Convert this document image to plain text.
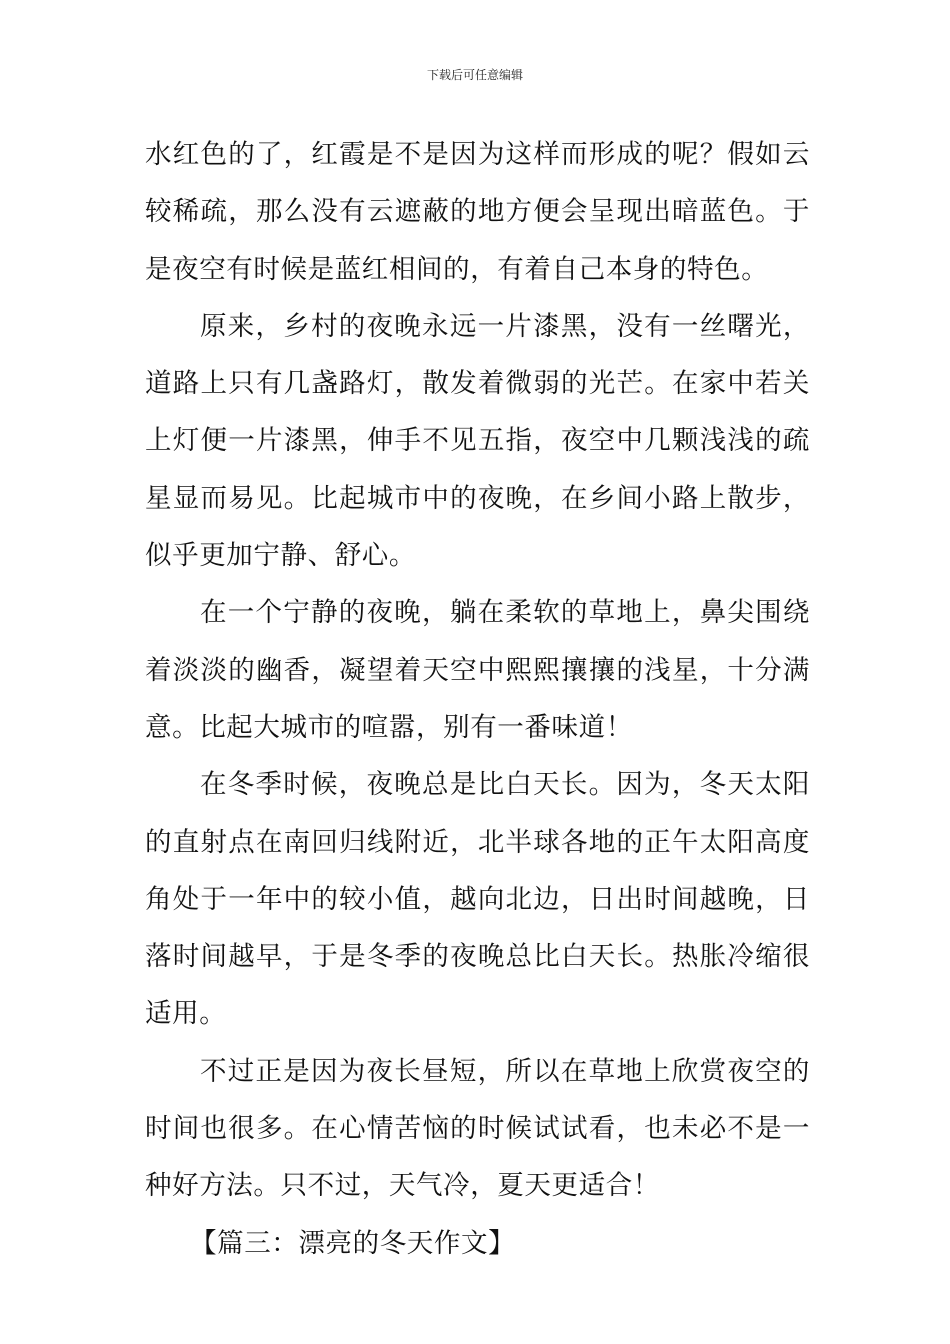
下载后可任意编辑

水红色的了，红霞是不是因为这样而形成的呢？假如云较稀疏，那么没有云遮蔽的地方便会呈现出暗蓝色。于是夜空有时候是蓝红相间的，有着自己本身的特色。

原来，乡村的夜晚永远一片漆黑，没有一丝曙光，道路上只有几盏路灯，散发着微弱的光芒。在家中若关上灯便一片漆黑，伸手不见五指，夜空中几颗浅浅的疏星显而易见。比起城市中的夜晚，在乡间小路上散步，似乎更加宁静、舒心。

在一个宁静的夜晚，躺在柔软的草地上，鼻尖围绕着淡淡的幽香，凝望着天空中熙熙攘攘的浅星，十分满意。比起大城市的喧嚣，别有一番味道！

在冬季时候，夜晚总是比白天长。因为，冬天太阳的直射点在南回归线附近，北半球各地的正午太阳高度角处于一年中的较小值，越向北边，日出时间越晚，日落时间越早，于是冬季的夜晚总比白天长。热胀冷缩很适用。

不过正是因为夜长昼短，所以在草地上欣赏夜空的时间也很多。在心情苦恼的时候试试看，也未必不是一种好方法。只不过，天气冷，夏天更适合！

【篇三：漂亮的冬天作文】
